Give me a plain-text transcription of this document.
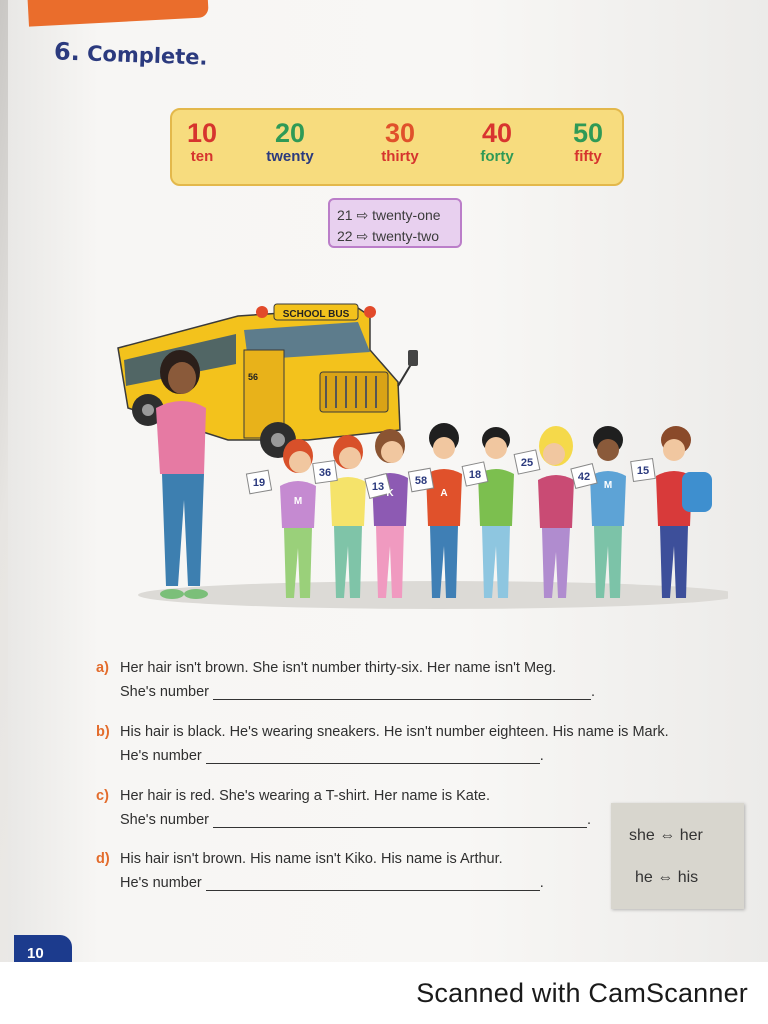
6. Complete.
10
ten
20
twenty
30
thirty
40
forty
50
fifty
21 ⇨ twenty-one
22 ⇨ twenty-two
SCHOOL BUS
56
19
36
13	58	18
25
42	15
M
K	A
M
a) Her hair isn't brown. She isn't number thirty-six. Her name isn't Meg.
She's number	.
b) His hair is black. He's wearing sneakers. He isn't number eighteen. His name is Mark.
He's number	.
c) Her hair is red. She's wearing a T-shirt. Her name is Kate.
She's number	.
d) His hair isn't brown. His name isn't Kiko. His name is Arthur.
He's number	.
she ⇔ her
he ⇔ his
10
Scanned with CamScanner
